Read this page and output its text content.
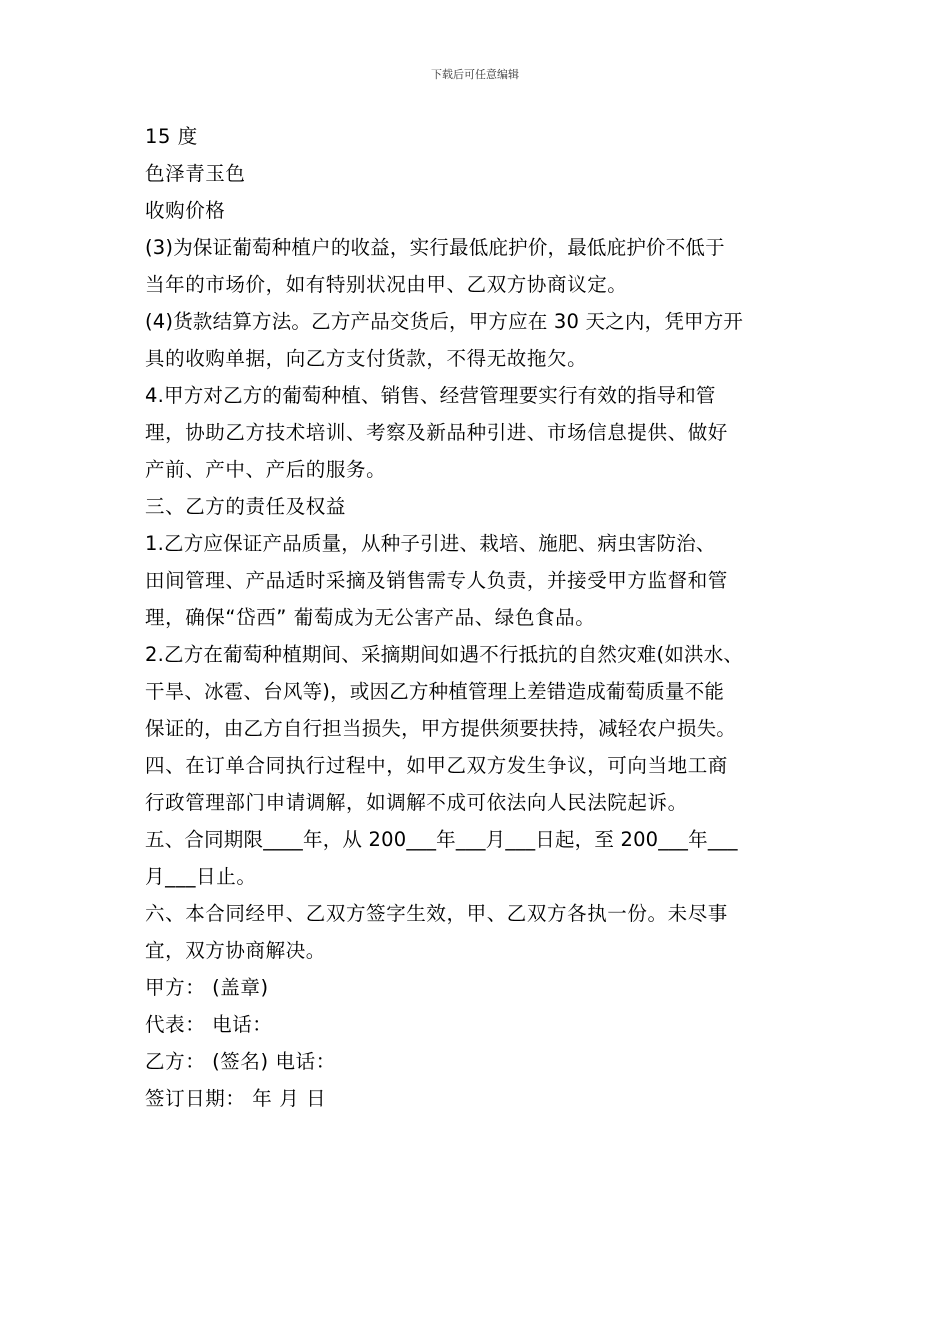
下载后可任意编辑
15 度
色泽青玉色
收购价格
(3)为保证葡萄种植户的收益，实行最低庇护价，最低庇护价不低于
当年的市场价，如有特别状况由甲、乙双方协商议定。
(4)货款结算方法。乙方产品交货后，甲方应在 30 天之内，凭甲方开
具的收购单据，向乙方支付货款，不得无故拖欠。
4.甲方对乙方的葡萄种植、销售、经营管理要实行有效的指导和管
理，协助乙方技术培训、考察及新品种引进、市场信息提供、做好
产前、产中、产后的服务。
三、乙方的责任及权益
1.乙方应保证产品质量，从种子引进、栽培、施肥、病虫害防治、
田间管理、产品适时采摘及销售需专人负责，并接受甲方监督和管
理，确保“岱西” 葡萄成为无公害产品、绿色食品。
2.乙方在葡萄种植期间、采摘期间如遇不行抵抗的自然灾难(如洪水、
干旱、冰雹、台风等)，或因乙方种植管理上差错造成葡萄质量不能
保证的，由乙方自行担当损失，甲方提供须要扶持，减轻农户损失。
四、在订单合同执行过程中，如甲乙双方发生争议，可向当地工商
行政管理部门申请调解，如调解不成可依法向人民法院起诉。
五、合同期限____年，从 200___年___月___日起，至 200___年___
月___日止。
六、本合同经甲、乙双方签字生效，甲、乙双方各执一份。未尽事
宜，双方协商解决。
甲方： (盖章)
代表： 电话：
乙方： (签名) 电话：
签订日期： 年 月 日
